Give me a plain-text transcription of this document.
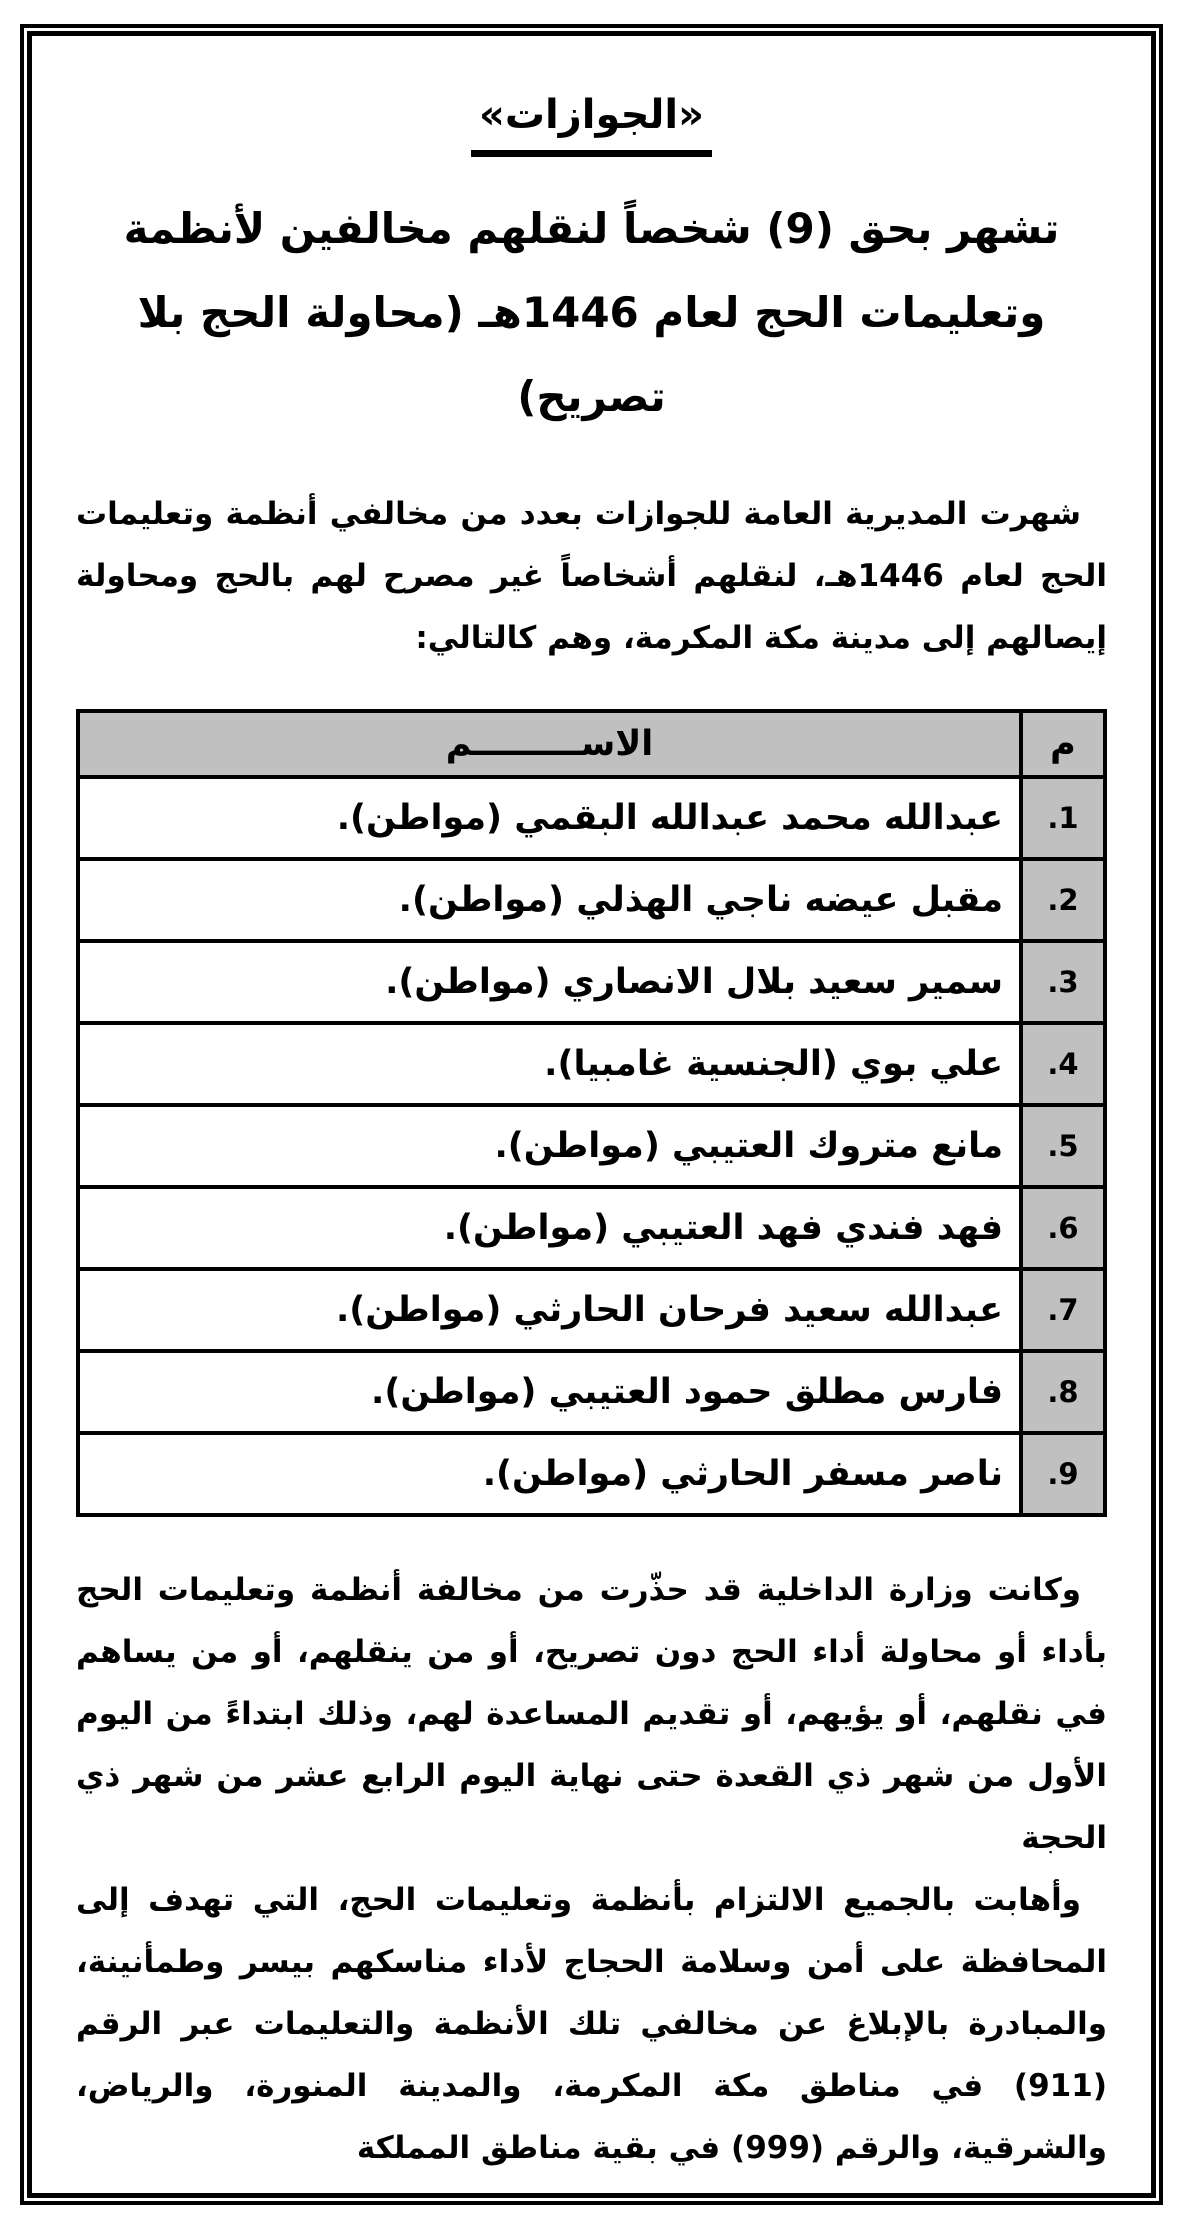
«الجوازات»
تشهر بحق (9) شخصاً لنقلهم مخالفين لأنظمة وتعليمات الحج لعام 1446هـ (محاولة الحج بلا تصريح)

شهرت المديرية العامة للجوازات بعدد من مخالفي أنظمة وتعليمات الحج لعام 1446هـ، لنقلهم أشخاصاً غير مصرح لهم بالحج ومحاولة إيصالهم إلى مدينة مكة المكرمة، وهم كالتالي:

م	الاســـــــــم
1.	عبدالله محمد عبدالله البقمي (مواطن).
2.	مقبل عيضه ناجي الهذلي (مواطن).
3.	سمير سعيد بلال الانصاري (مواطن).
4.	علي بوي (الجنسية غامبيا).
5.	مانع متروك العتيبي (مواطن).
6.	فهد فندي فهد العتيبي (مواطن).
7.	عبدالله سعيد فرحان الحارثي (مواطن).
8.	فارس مطلق حمود العتيبي (مواطن).
9.	ناصر مسفر الحارثي (مواطن).

وكانت وزارة الداخلية قد حذّرت من مخالفة أنظمة وتعليمات الحج بأداء أو محاولة أداء الحج دون تصريح، أو من ينقلهم، أو من يساهم في نقلهم، أو يؤيهم، أو تقديم المساعدة لهم، وذلك ابتداءً من اليوم الأول من شهر ذي القعدة حتى نهاية اليوم الرابع عشر من شهر ذي الحجة

وأهابت بالجميع الالتزام بأنظمة وتعليمات الحج، التي تهدف إلى المحافظة على أمن وسلامة الحجاج لأداء مناسكهم بيسر وطمأنينة، والمبادرة بالإبلاغ عن مخالفي تلك الأنظمة والتعليمات عبر الرقم (911) في مناطق مكة المكرمة، والمدينة المنورة، والرياض، والشرقية، والرقم (999) في بقية مناطق المملكة
